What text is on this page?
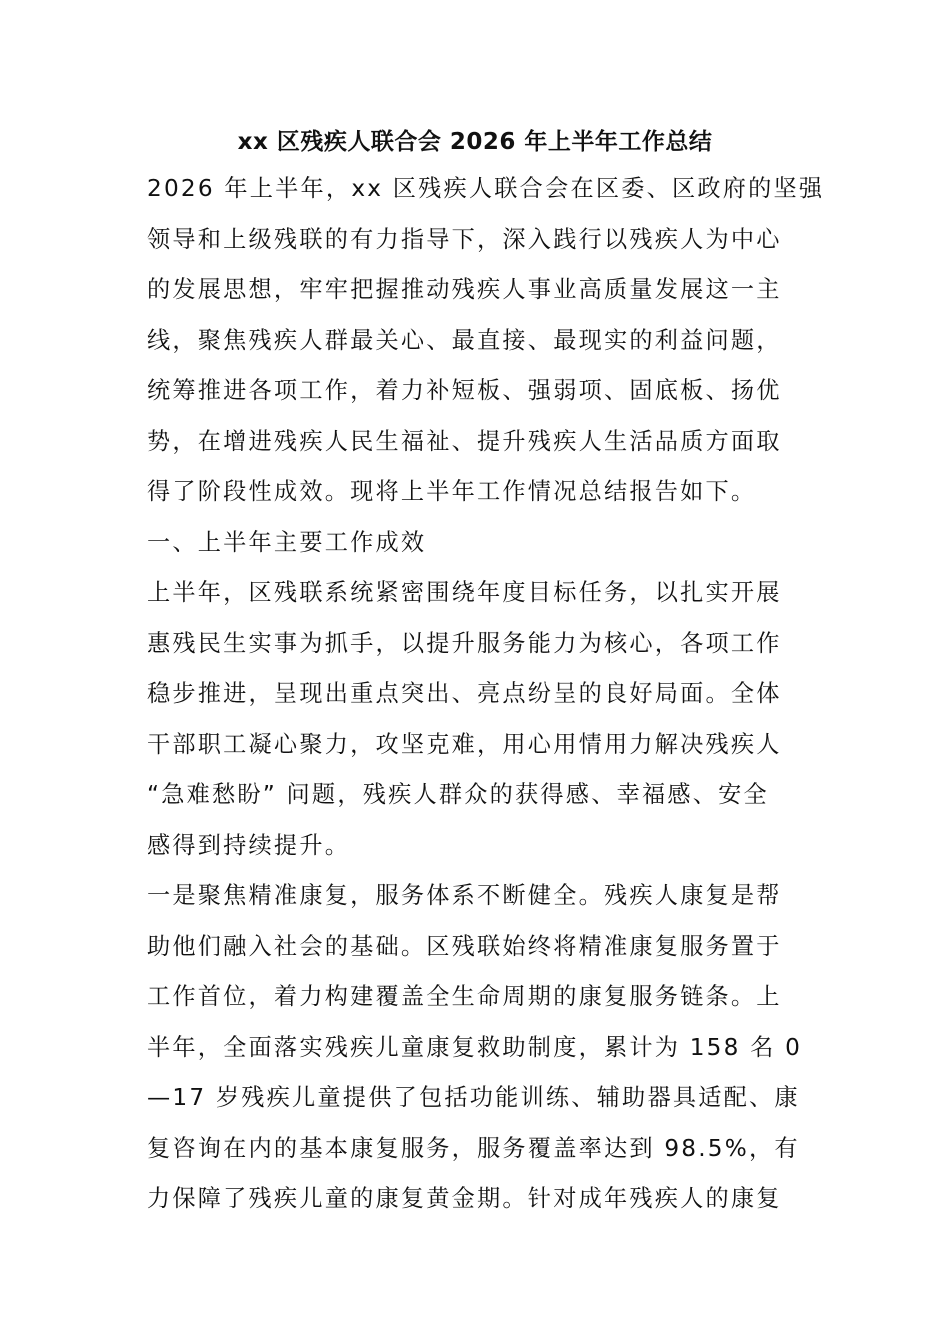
xx 区残疾人联合会 2026 年上半年工作总结
2026 年上半年，xx 区残疾人联合会在区委、区政府的坚强
领导和上级残联的有力指导下，深入践行以残疾人为中心
的发展思想，牢牢把握推动残疾人事业高质量发展这一主
线，聚焦残疾人群最关心、最直接、最现实的利益问题，
统筹推进各项工作，着力补短板、强弱项、固底板、扬优
势，在增进残疾人民生福祉、提升残疾人生活品质方面取
得了阶段性成效。现将上半年工作情况总结报告如下。
一、上半年主要工作成效
上半年，区残联系统紧密围绕年度目标任务，以扎实开展
惠残民生实事为抓手，以提升服务能力为核心，各项工作
稳步推进，呈现出重点突出、亮点纷呈的良好局面。全体
干部职工凝心聚力，攻坚克难，用心用情用力解决残疾人
“急难愁盼” 问题，残疾人群众的获得感、幸福感、安全
感得到持续提升。
一是聚焦精准康复，服务体系不断健全。残疾人康复是帮
助他们融入社会的基础。区残联始终将精准康复服务置于
工作首位，着力构建覆盖全生命周期的康复服务链条。上
半年，全面落实残疾儿童康复救助制度，累计为 158 名 0
—17 岁残疾儿童提供了包括功能训练、辅助器具适配、康
复咨询在内的基本康复服务，服务覆盖率达到 98.5%，有
力保障了残疾儿童的康复黄金期。针对成年残疾人的康复
